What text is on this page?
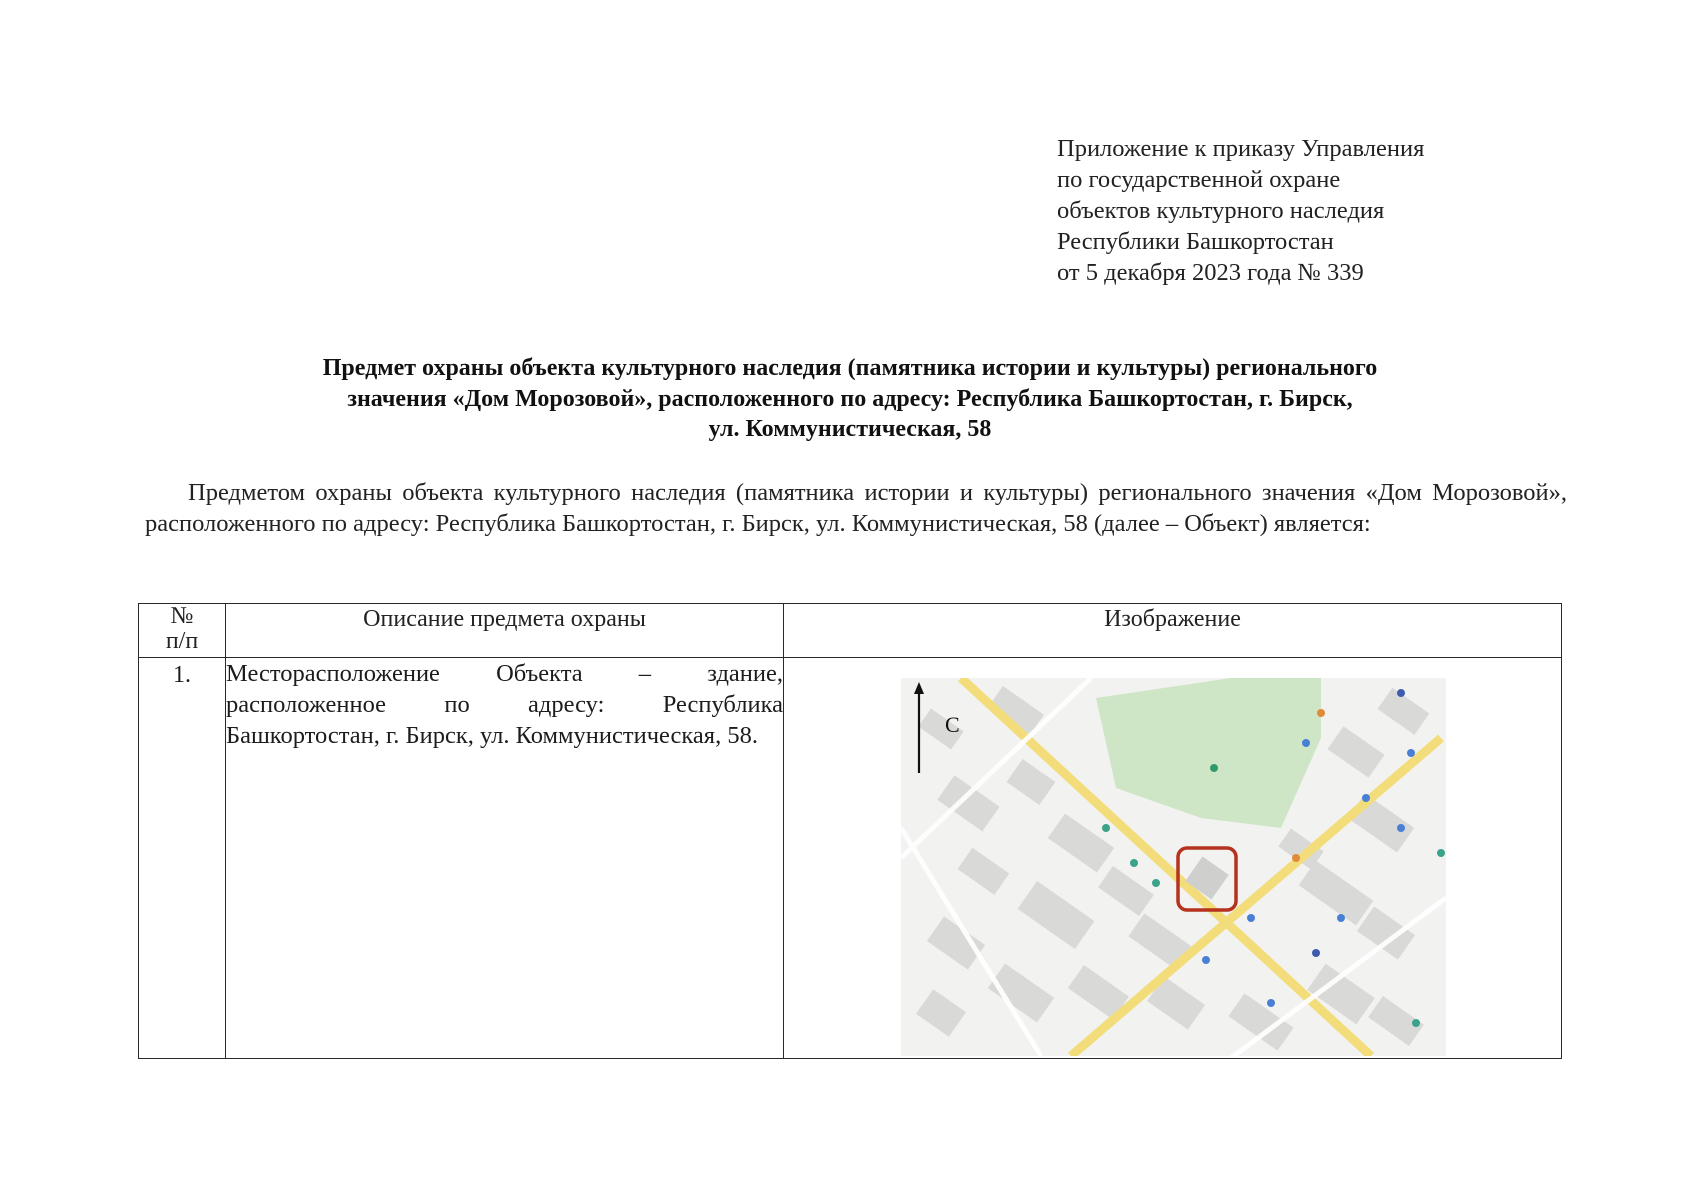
Приложение к приказу Управления
по государственной охране
объектов культурного наследия
Республики Башкортостан
от 5 декабря 2023 года № 339
Предмет охраны объекта культурного наследия (памятника истории и культуры) регионального
значения «Дом Морозовой», расположенного по адресу: Республика Башкортостан, г. Бирск,
ул. Коммунистическая, 58
Предметом охраны объекта культурного наследия (памятника истории и культуры) регионального значения «Дом Морозовой», расположенного по адресу: Республика Башкортостан, г. Бирск, ул. Коммунистическая, 58 (далее – Объект) является:
№
п/п	Описание предмета охраны	Изображение
1.	Месторасположение Объекта – здание, расположенное по адресу: Республика Башкортостан, г. Бирск, ул. Коммунистическая, 58.	С
